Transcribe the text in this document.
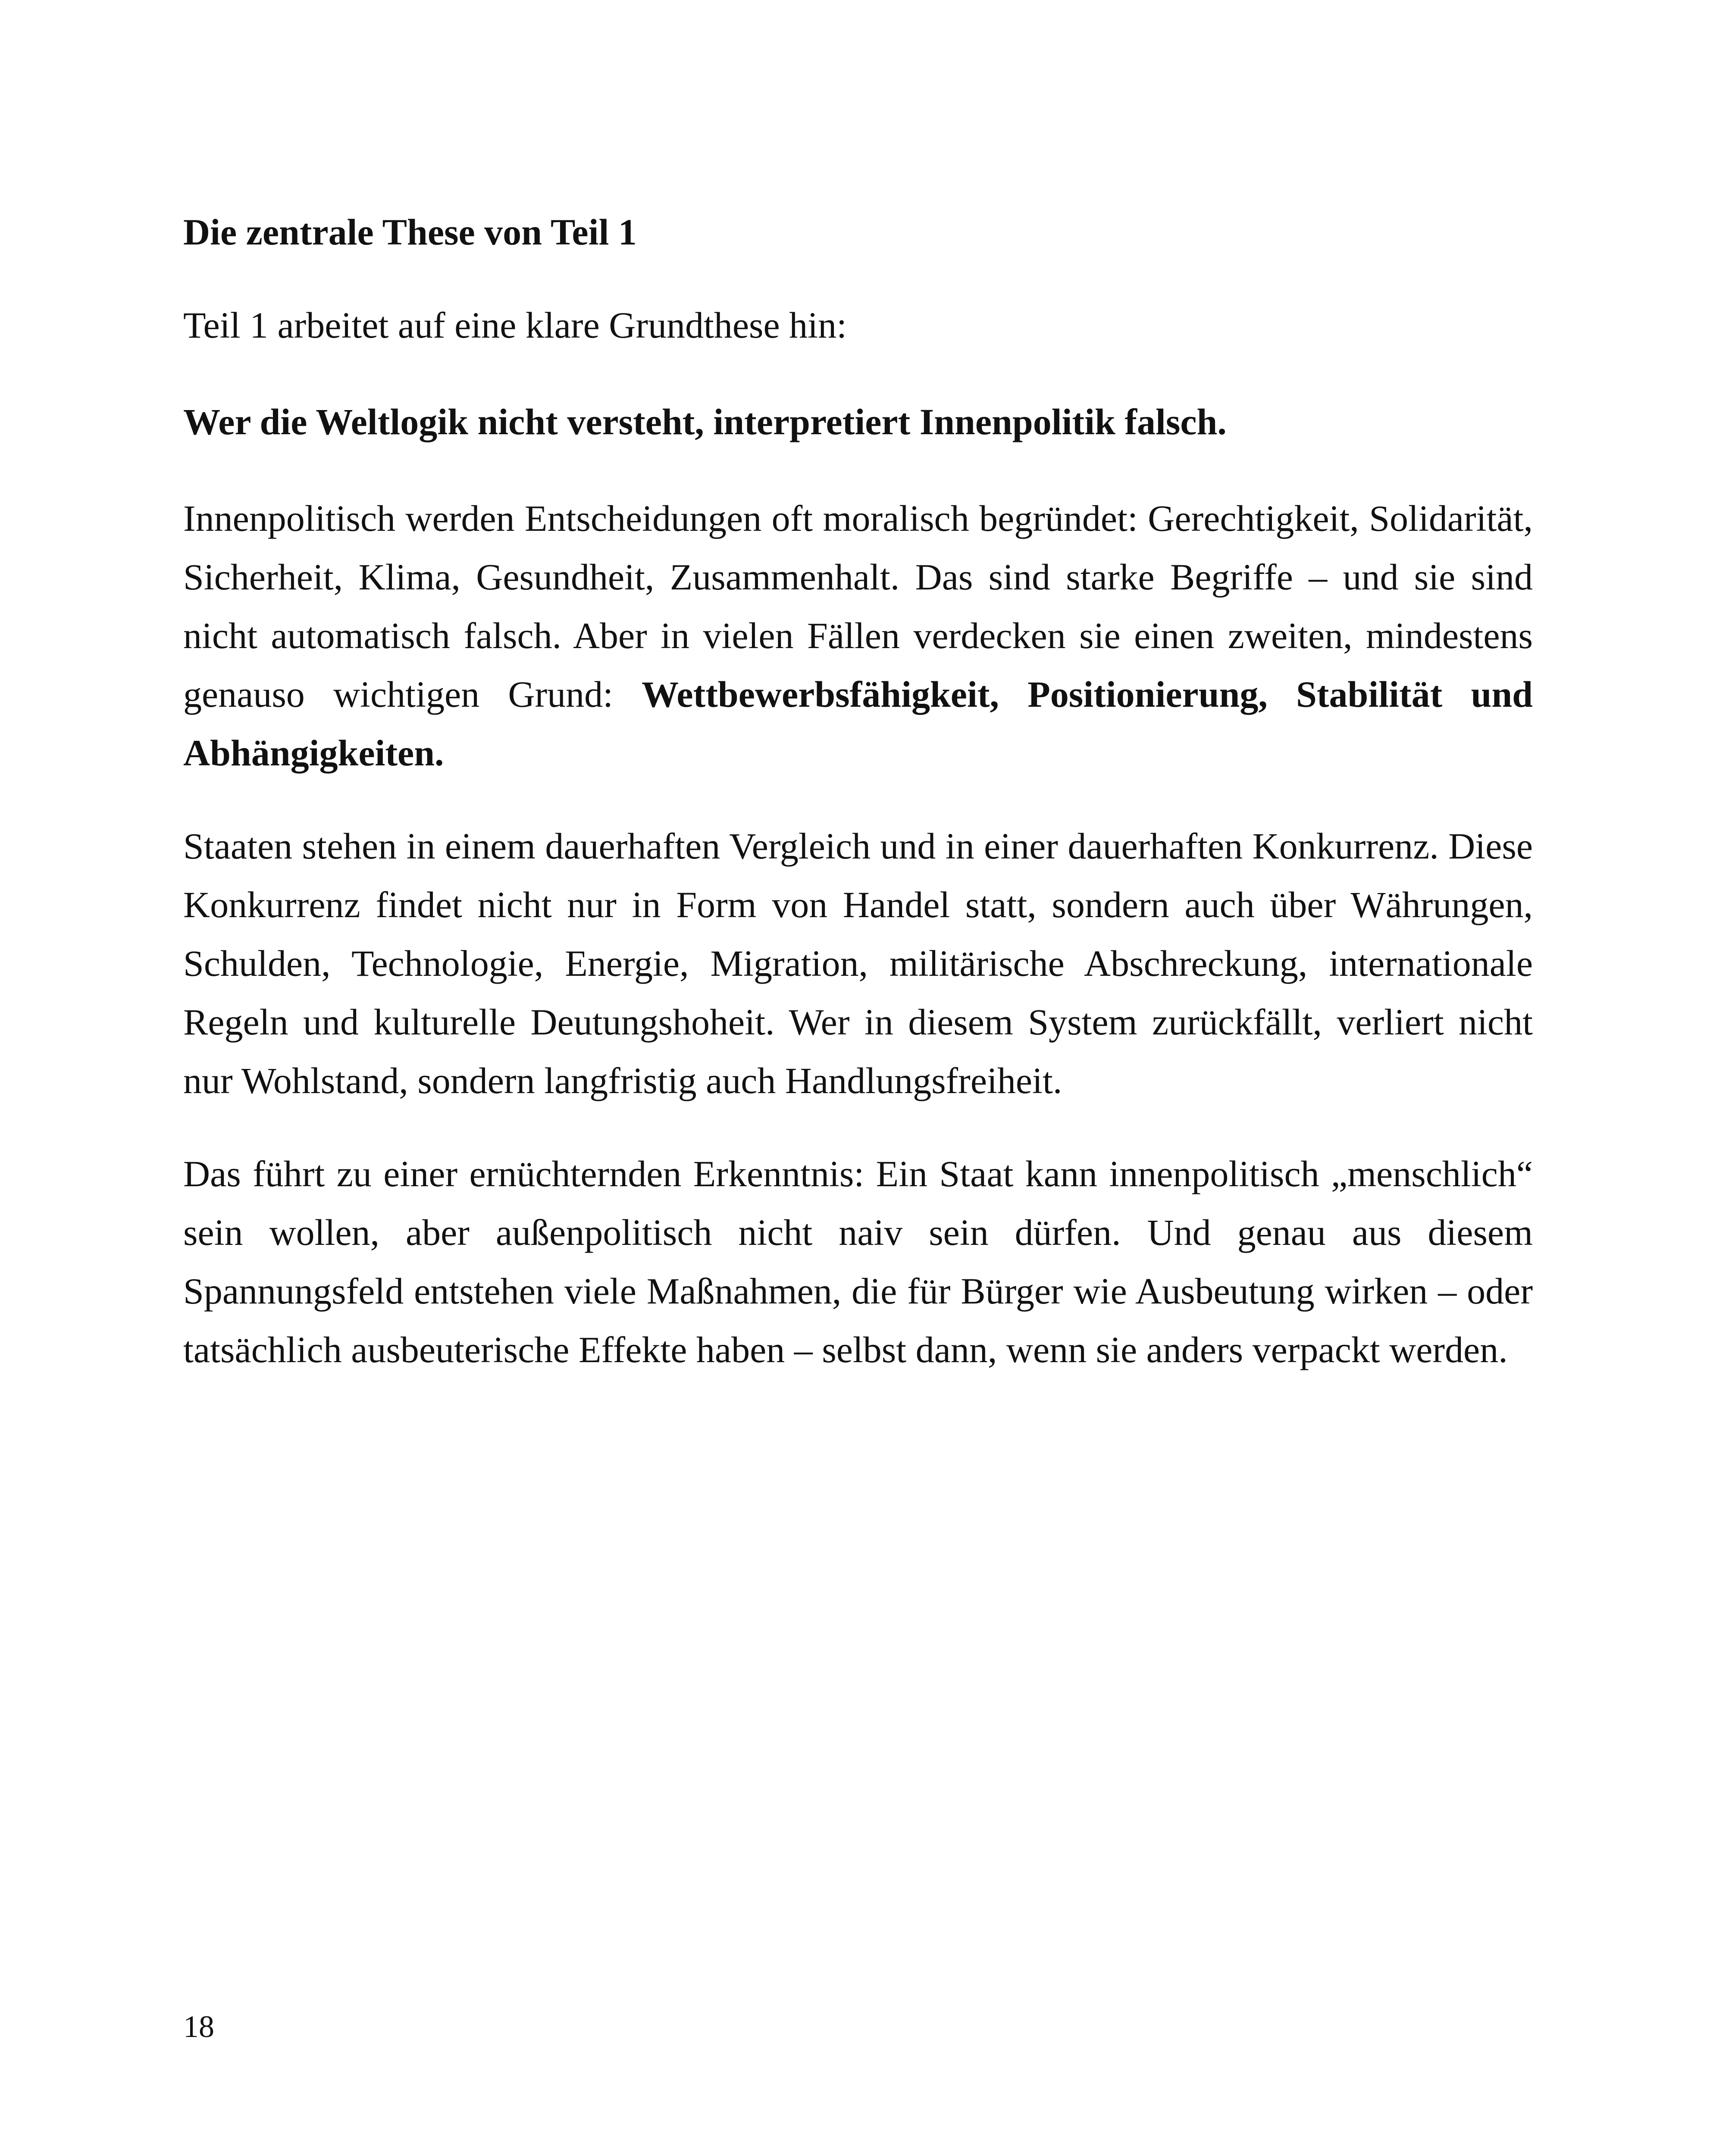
Die zentrale These von Teil 1

Teil 1 arbeitet auf eine klare Grundthese hin:

Wer die Weltlogik nicht versteht, interpretiert Innenpolitik falsch.

Innenpolitisch werden Entscheidungen oft moralisch begründet: Gerechtigkeit, Solidarität, Sicherheit, Klima, Gesundheit, Zusammenhalt. Das sind starke Begriffe – und sie sind nicht automatisch falsch. Aber in vielen Fällen verdecken sie einen zweiten, mindestens genauso wichtigen Grund: Wettbewerbsfähigkeit, Positionierung, Stabilität und Abhängigkeiten.

Staaten stehen in einem dauerhaften Vergleich und in einer dauerhaften Konkurrenz. Diese Konkurrenz findet nicht nur in Form von Handel statt, sondern auch über Währungen, Schulden, Technologie, Energie, Migration, militärische Abschreckung, internationale Regeln und kulturelle Deutungshoheit. Wer in diesem System zurückfällt, verliert nicht nur Wohlstand, sondern langfristig auch Handlungsfreiheit.

Das führt zu einer ernüchternden Erkenntnis: Ein Staat kann innenpolitisch „menschlich“ sein wollen, aber außenpolitisch nicht naiv sein dürfen. Und genau aus diesem Spannungsfeld entstehen viele Maßnahmen, die für Bürger wie Ausbeutung wirken – oder tatsächlich ausbeuterische Effekte haben – selbst dann, wenn sie anders verpackt werden.

18
